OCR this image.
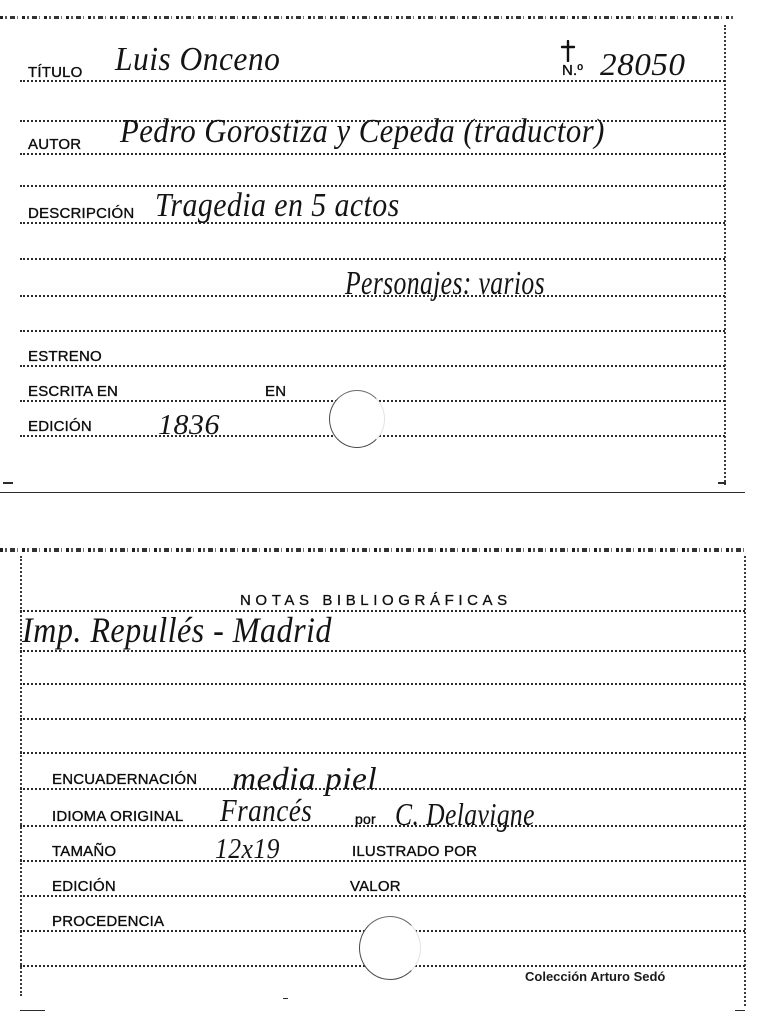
TÍTULO Luis Onceno	N.º 28050
AUTOR Pedro Gorostiza y Cepeda (traductor)
DESCRIPCIÓN Tragedia en 5 actos
Personajes: varios
ESTRENO
ESCRITA EN	EN
EDICIÓN 1836
NOTAS BIBLIOGRÁFICAS
Imp. Repullés - Madrid
ENCUADERNACIÓN media piel
IDIOMA ORIGINAL Francés	por C. Delavigne
TAMAÑO	12x19	ILUSTRADO POR
EDICIÓN	VALOR
PROCEDENCIA
Colección Arturo Sedó
